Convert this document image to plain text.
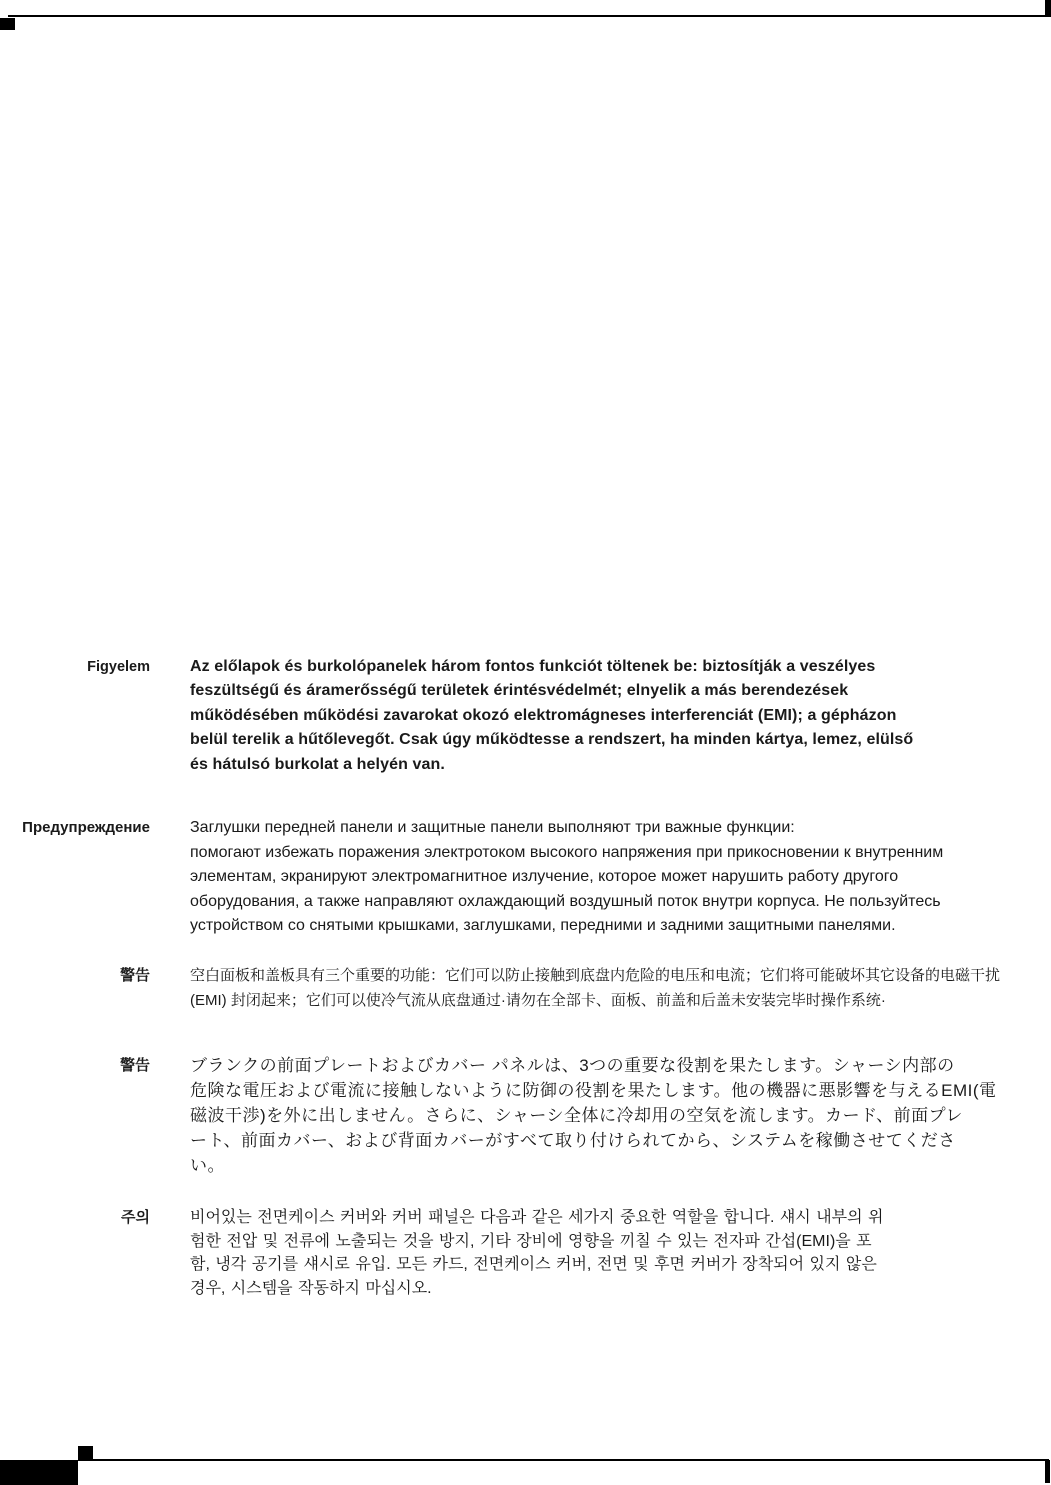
Figyelem	Az előlapok és burkolópanelek három fontos funkciót töltenek be: biztosítják a veszélyes
feszültségű és áramerősségű területek érintésvédelmét; elnyelik a más berendezések
működésében működési zavarokat okozó elektromágneses interferenciát (EMI); a gépházon
belül terelik a hűtőlevegőt. Csak úgy működtesse a rendszert, ha minden kártya, lemez, elülső
és hátulsó burkolat a helyén van.
Предупреждение	Заглушки передней панели и защитные панели выполняют три важные функции:
помогают избежать поражения электротоком высокого напряжения при прикосновении к внутренним
элементам, экранируют электромагнитное излучение, которое может нарушить работу другого
оборудования, а также направляют охлаждающий воздушный поток внутри корпуса. Не пользуйтесь
устройством со снятыми крышками, заглушками, передними и задними защитными панелями.
警告	空白面板和盖板具有三个重要的功能：它们可以防止接触到底盘内危险的电压和电流；它们将可能破坏其它设备的电磁干扰
(EMI) 封闭起来；它们可以使冷气流从底盘通过·请勿在全部卡、面板、前盖和后盖未安装完毕时操作系统·
警告 ブランクの前面プレートおよびカバー パネルは、3つの重要な役割を果たします。シャーシ内部の
危険な電圧および電流に接触しないように防御の役割を果たします。他の機器に悪影響を与えるEMI(電
磁波干渉)を外に出しません。さらに、シャーシ全体に冷却用の空気を流します。カード、前面プレ
ート、前面カバー、および背面カバーがすべて取り付けられてから、システムを稼働させてくださ
い。
주의	비어있는 전면케이스 커버와 커버 패널은 다음과 같은 세가지 중요한 역할을 합니다. 섀시 내부의 위
험한 전압 및 전류에 노출되는 것을 방지, 기타 장비에 영향을 끼칠 수 있는 전자파 간섭(EMI)을 포
함, 냉각 공기를 섀시로 유입. 모든 카드, 전면케이스 커버, 전면 및 후면 커버가 장착되어 있지 않은
경우, 시스템을 작동하지 마십시오.
